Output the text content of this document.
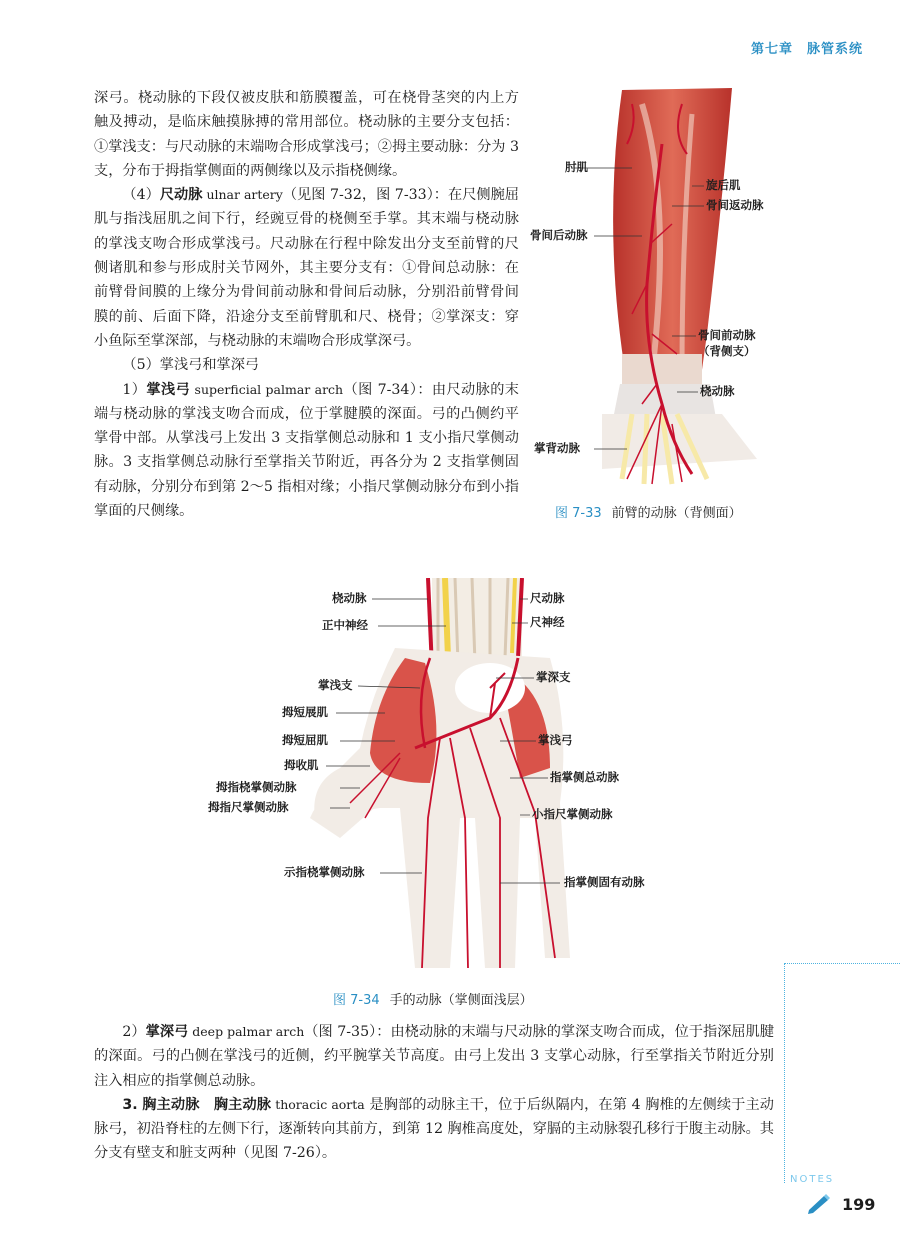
第七章　脉管系统

深弓。桡动脉的下段仅被皮肤和筋膜覆盖，可在桡骨茎突的内上方触及搏动，是临床触摸脉搏的常用部位。桡动脉的主要分支包括：①掌浅支：与尺动脉的末端吻合形成掌浅弓；②拇主要动脉：分为 3 支，分布于拇指掌侧面的两侧缘以及示指桡侧缘。

（4）尺动脉 ulnar artery（见图 7-32，图 7-33）：在尺侧腕屈肌与指浅屈肌之间下行，经豌豆骨的桡侧至手掌。其末端与桡动脉的掌浅支吻合形成掌浅弓。尺动脉在行程中除发出分支至前臂的尺侧诸肌和参与形成肘关节网外，其主要分支有：①骨间总动脉：在前臂骨间膜的上缘分为骨间前动脉和骨间后动脉，分别沿前臂骨间膜的前、后面下降，沿途分支至前臂肌和尺、桡骨；②掌深支：穿小鱼际至掌深部，与桡动脉的末端吻合形成掌深弓。

（5）掌浅弓和掌深弓

1）掌浅弓 superficial palmar arch（图 7-34）：由尺动脉的末端与桡动脉的掌浅支吻合而成，位于掌腱膜的深面。弓的凸侧约平掌骨中部。从掌浅弓上发出 3 支指掌侧总动脉和 1 支小指尺掌侧动脉。3 支指掌侧总动脉行至掌指关节附近，再各分为 2 支指掌侧固有动脉，分别分布到第 2～5 指相对缘；小指尺掌侧动脉分布到小指掌面的尺侧缘。

肘肌
旋后肌
骨间返动脉
骨间后动脉
骨间前动脉
（背侧支）
桡动脉
掌背动脉
图 7-33 前臂的动脉（背侧面）
桡动脉	尺动脉
正中神经	尺神经
掌浅支
掌深支
拇短展肌
拇短屈肌	掌浅弓
拇收肌
指掌侧总动脉
拇指桡掌侧动脉
拇指尺掌侧动脉	小指尺掌侧动脉
示指桡掌侧动脉
指掌侧固有动脉
图 7-34 手的动脉（掌侧面浅层）

2）掌深弓 deep palmar arch（图 7-35）：由桡动脉的末端与尺动脉的掌深支吻合而成，位于指深屈肌腱的深面。弓的凸侧在掌浅弓的近侧，约平腕掌关节高度。由弓上发出 3 支掌心动脉，行至掌指关节附近分别注入相应的指掌侧总动脉。

3. 胸主动脉　胸主动脉 thoracic aorta 是胸部的动脉主干，位于后纵隔内，在第 4 胸椎的左侧续于主动脉弓，初沿脊柱的左侧下行，逐渐转向其前方，到第 12 胸椎高度处，穿膈的主动脉裂孔移行于腹主动脉。其分支有壁支和脏支两种（见图 7-26）。

NOTES
199
